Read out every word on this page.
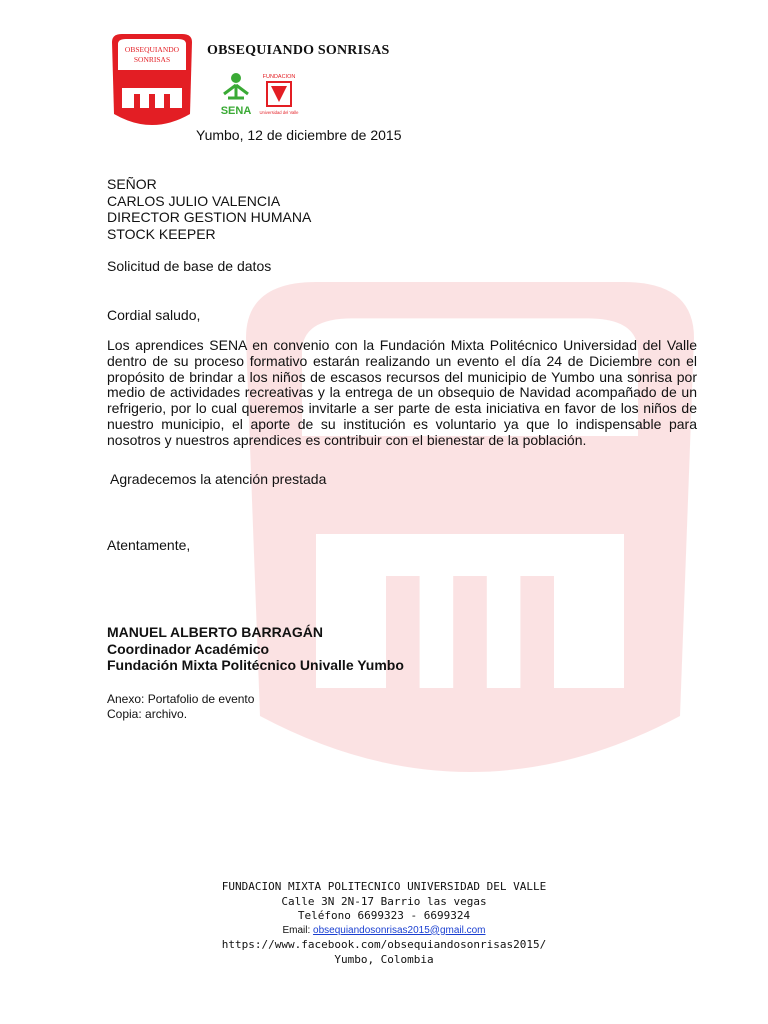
OBSEQUIANDO
SONRISAS
OBSEQUIANDO SONRISAS
SENA
FUNDACION
Universidad del Valle
Yumbo, 12 de diciembre de 2015
SEÑOR
CARLOS JULIO VALENCIA
DIRECTOR GESTION HUMANA
STOCK KEEPER
Solicitud de base de datos
Cordial saludo,
Los aprendices SENA en convenio con la Fundación Mixta Politécnico Universidad del Valle dentro de su proceso formativo estarán realizando un evento el día 24 de Diciembre con el propósito de brindar a los niños de escasos recursos del municipio de Yumbo una sonrisa por medio de actividades recreativas y la entrega de un obsequio de Navidad acompañado de un refrigerio, por lo cual queremos invitarle a ser parte de esta iniciativa en favor de los niños de nuestro municipio, el aporte de su institución es voluntario ya que lo indispensable para nosotros y nuestros aprendices es contribuir con el bienestar de la población.
Agradecemos la atención prestada
Atentamente,
MANUEL ALBERTO BARRAGÁN
Coordinador Académico
Fundación Mixta Politécnico Univalle Yumbo
Anexo: Portafolio de evento
Copia: archivo.
FUNDACION MIXTA POLITECNICO UNIVERSIDAD DEL VALLE
Calle 3N 2N-17 Barrio las vegas
Teléfono 6699323 - 6699324
Email: obsequiandosonrisas2015@gmail.com
https://www.facebook.com/obsequiandosonrisas2015/
Yumbo, Colombia
